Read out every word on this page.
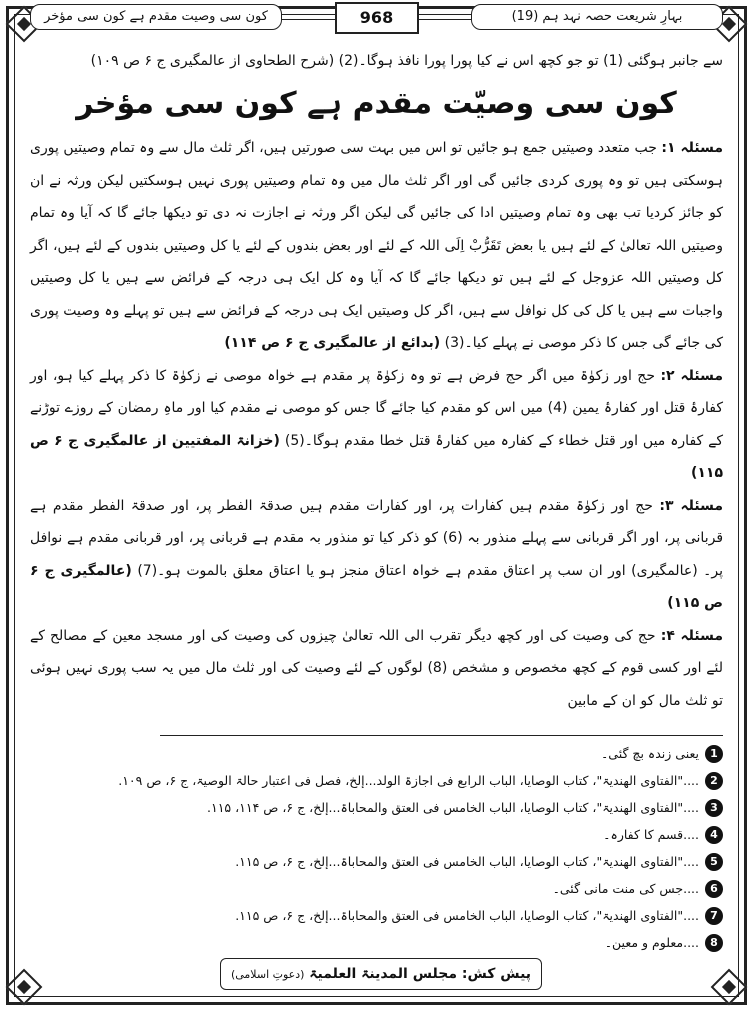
کون سی وصیت مقدم ہے کون سی مؤخر	968	بہارِ شریعت حصہ نہد ہم (19)

سے جانبر ہوگئی (1) تو جو کچھ اس نے کیا پورا پورا نافذ ہوگا۔(2) (شرح الطحاوی از عالمگیری ج ۶ ص ۱۰۹)

کون سی وصیّت مقدم ہے کون سی مؤخر

مسئلہ ۱: جب متعدد وصیتیں جمع ہو جائیں تو اس میں بہت سی صورتیں ہیں، اگر ثلث مال سے وہ تمام وصیتیں پوری ہوسکتی ہیں تو وہ پوری کردی جائیں گی اور اگر ثلث مال میں وہ تمام وصیتیں پوری نہیں ہوسکتیں لیکن ورثہ نے ان کو جائز کردیا تب بھی وہ تمام وصیتیں ادا کی جائیں گی لیکن اگر ورثہ نے اجازت نہ دی تو دیکھا جائے گا کہ آیا وہ تمام وصیتیں اللہ تعالیٰ کے لئے ہیں یا بعض تَقَرُّبْ اِلَی اللہ کے لئے اور بعض بندوں کے لئے یا کل وصیتیں بندوں کے لئے ہیں، اگر کل وصیتیں اللہ عزوجل کے لئے ہیں تو دیکھا جائے گا کہ آیا وہ کل ایک ہی درجہ کے فرائض سے ہیں یا کل وصیتیں واجبات سے ہیں یا کل کی کل نوافل سے ہیں، اگر کل وصیتیں ایک ہی درجہ کے فرائض سے ہیں تو پہلے وہ وصیت پوری کی جائے گی جس کا ذکر موصی نے پہلے کیا۔(3) (بدائع از عالمگیری ج ۶ ص ۱۱۴)

مسئلہ ۲: حج اور زکوٰۃ میں اگر حج فرض ہے تو وہ زکوٰۃ پر مقدم ہے خواہ موصی نے زکوٰۃ کا ذکر پہلے کیا ہو، اور کفارۂ قتل اور کفارۂ یمین (4) میں اس کو مقدم کیا جائے گا جس کو موصی نے مقدم کیا اور ماہِ رمضان کے روزے توڑنے کے کفارہ میں اور قتل خطاء کے کفارہ میں کفارۂ قتل خطا مقدم ہوگا۔(5) (خزانۃ المفتیین از عالمگیری ج ۶ ص ۱۱۵)

مسئلہ ۳: حج اور زکوٰۃ مقدم ہیں کفارات پر، اور کفارات مقدم ہیں صدقۃ الفطر پر، اور صدقۃ الفطر مقدم ہے قربانی پر، اور اگر قربانی سے پہلے منذور بہ (6) کو ذکر کیا تو منذور بہ مقدم ہے قربانی پر، اور قربانی مقدم ہے نوافل پر۔ (عالمگیری) اور ان سب پر اعتاق مقدم ہے خواہ اعتاق منجز ہو یا اعتاق معلق بالموت ہو۔(7) (عالمگیری ج ۶ ص ۱۱۵)

مسئلہ ۴: حج کی وصیت کی اور کچھ دیگر تقرب الی اللہ تعالیٰ چیزوں کی وصیت کی اور مسجد معین کے مصالح کے لئے اور کسی قوم کے کچھ مخصوص و مشخص (8) لوگوں کے لئے وصیت کی اور ثلث مال میں یہ سب پوری نہیں ہوئی تو ثلث مال کو ان کے مابین

1
یعنی زندہ بچ گئی۔
2
...."الفتاوی الھندیۃ"، کتاب الوصایا، الباب الرابع فی اجازۃ الولد...إلخ، فصل فی اعتبار حالۃ الوصیۃ، ج ۶، ص ۱۰۹.
3
...."الفتاوی الھندیۃ"، کتاب الوصایا، الباب الخامس فی العتق والمحاباۃ...إلخ، ج ۶، ص ۱۱۴، ۱۱۵.
4
....قسم کا کفارہ۔
5
...."الفتاوی الھندیۃ"، کتاب الوصایا، الباب الخامس فی العتق والمحاباۃ...إلخ، ج ۶، ص ۱۱۵.
6
....جس کی منت مانی گئی۔
7
...."الفتاوی الھندیۃ"، کتاب الوصایا، الباب الخامس فی العتق والمحاباۃ...إلخ، ج ۶، ص ۱۱۵.
8
....معلوم و معین۔
پیش کش: مجلس المدینۃ العلمیۃ (دعوتِ اسلامی)
